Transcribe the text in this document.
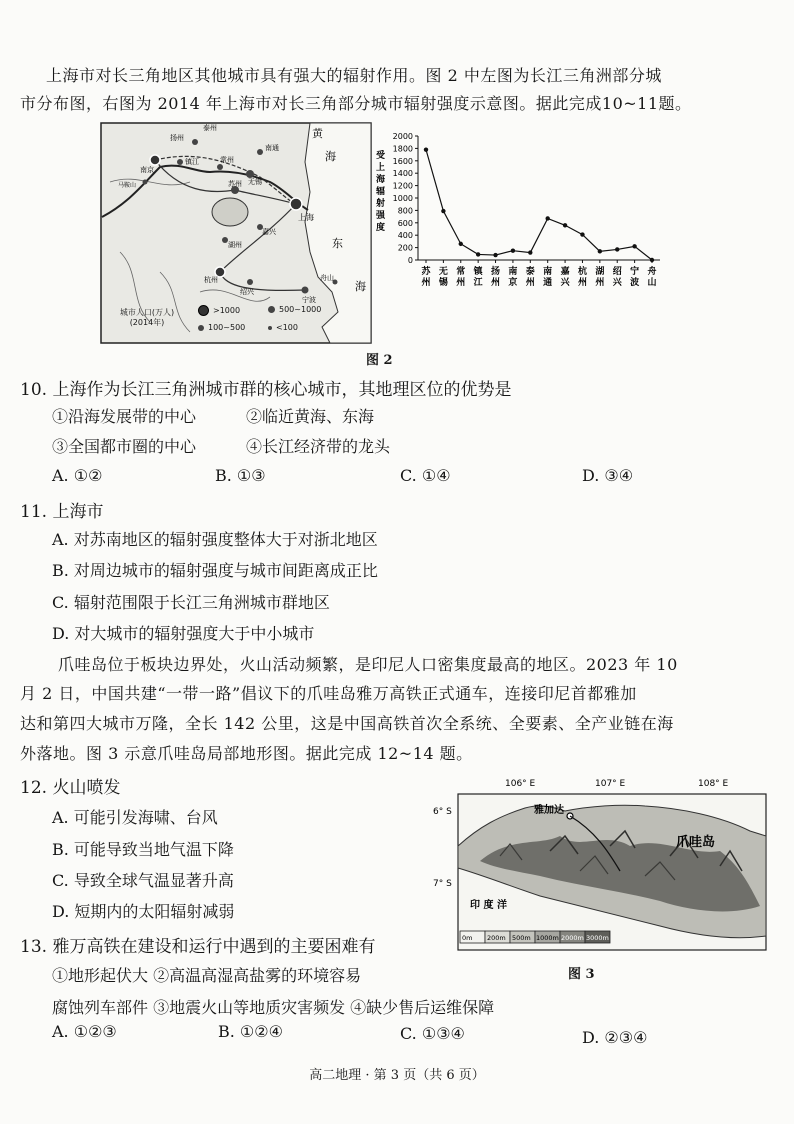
上海市对长三角地区其他城市具有强大的辐射作用。图 2 中左图为长江三角洲部分城
市分布图，右图为 2014 年上海市对长三角部分城市辐射强度示意图。据此完成10~11题。
黄
海
东
海
扬州
泰州
南通
南京
镇江	常州
无锡
苏州
上海
马鞍山
湖州
嘉兴
杭州
绍兴
宁波
舟山
城市人口(万人)
(2014年)
>1000	500~1000
100~500	<100
受
上
海
辐
射
强
度
0
200
400
600
800
1000
1200
1400
1600
1800
2000
苏
州
无
锡
常
州
镇
江
扬
州
南
京
泰
州
南
通
嘉
兴
杭
州
湖
州
绍
兴
宁
波
舟
山
图 2
10. 上海作为长江三角洲城市群的核心城市，其地理区位的优势是
①沿海发展带的中心	②临近黄海、东海
③全国都市圈的中心	④长江经济带的龙头
A. ①②	B. ①③	C. ①④	D. ③④
11. 上海市
A. 对苏南地区的辐射强度整体大于对浙北地区
B. 对周边城市的辐射强度与城市间距离成正比
C. 辐射范围限于长江三角洲城市群地区
D. 对大城市的辐射强度大于中小城市
爪哇岛位于板块边界处，火山活动频繁，是印尼人口密集度最高的地区。2023 年 10
月 2 日，中国共建“一带一路”倡议下的爪哇岛雅万高铁正式通车，连接印尼首都雅加
达和第四大城市万隆，全长 142 公里，这是中国高铁首次全系统、全要素、全产业链在海
外落地。图 3 示意爪哇岛局部地形图。据此完成 12~14 题。
12. 火山喷发
A. 可能引发海啸、台风
B. 可能导致当地气温下降
C. 导致全球气温显著升高
D. 短期内的太阳辐射减弱
106° E	107° E	108° E
6° S
7° S
雅加达
爪哇岛
印 度 洋
0m 200m 500m 1000m 2000m 3000m
图 3
13. 雅万高铁在建设和运行中遇到的主要困难有
①地形起伏大 ②高温高湿高盐雾的环境容易
腐蚀列车部件 ③地震火山等地质灾害频发 ④缺少售后运维保障
A. ①②③	B. ①②④	C. ①③④	D. ②③④
高二地理 · 第 3 页（共 6 页）
